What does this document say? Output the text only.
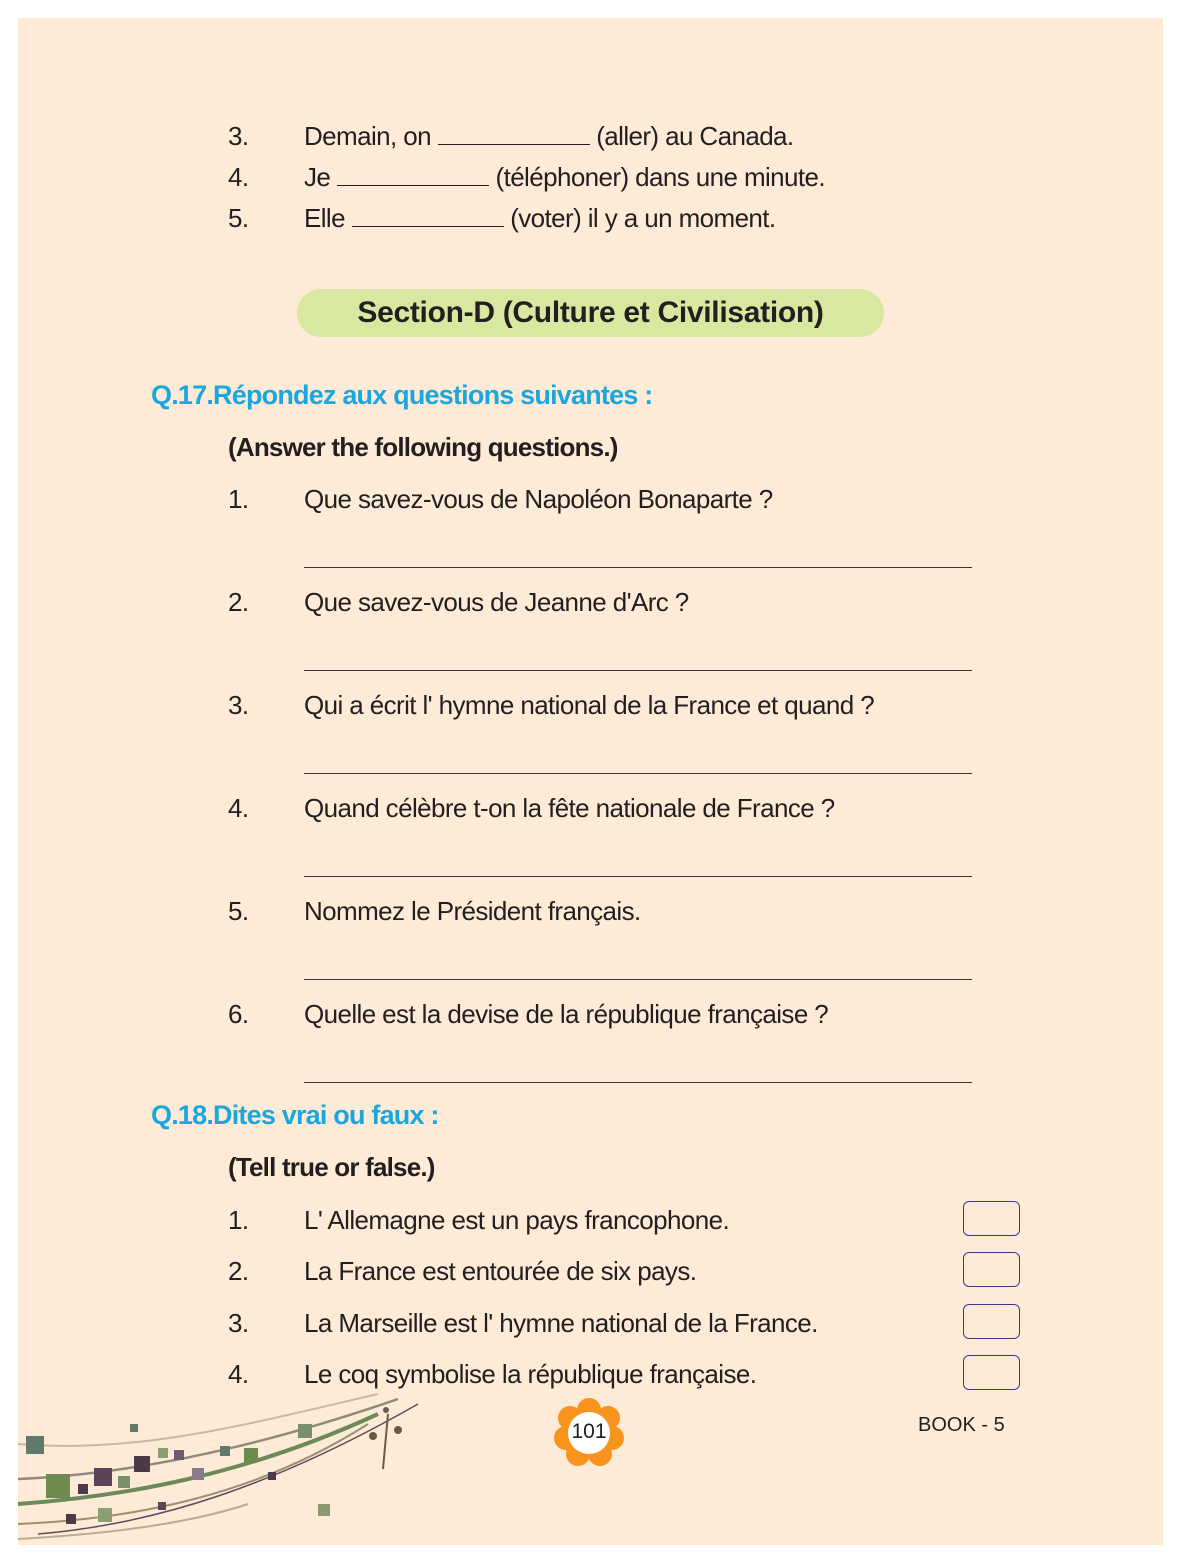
3.	Demain, on	(aller) au Canada.
4.	Je	(téléphoner) dans une minute.
5.	Elle	(voter) il y a un moment.
Section-D (Culture et Civilisation)
Q.17.Répondez aux questions suivantes :
(Answer the following questions.)
1.	Que savez-vous de Napoléon Bonaparte ?
2.	Que savez-vous de Jeanne d'Arc ?
3.	Qui a écrit l' hymne national de la France et quand ?
4.	Quand célèbre t-on la fête nationale de France ?
5.	Nommez le Président français.
6.	Quelle est la devise de la république française ?
Q.18.Dites vrai ou faux :
(Tell true or false.)
1.	L' Allemagne est un pays francophone.
2.	La France est entourée de six pays.
3.	La Marseille est l' hymne national de la France.
4.	Le coq symbolise la république française.
101	BOOK - 5
